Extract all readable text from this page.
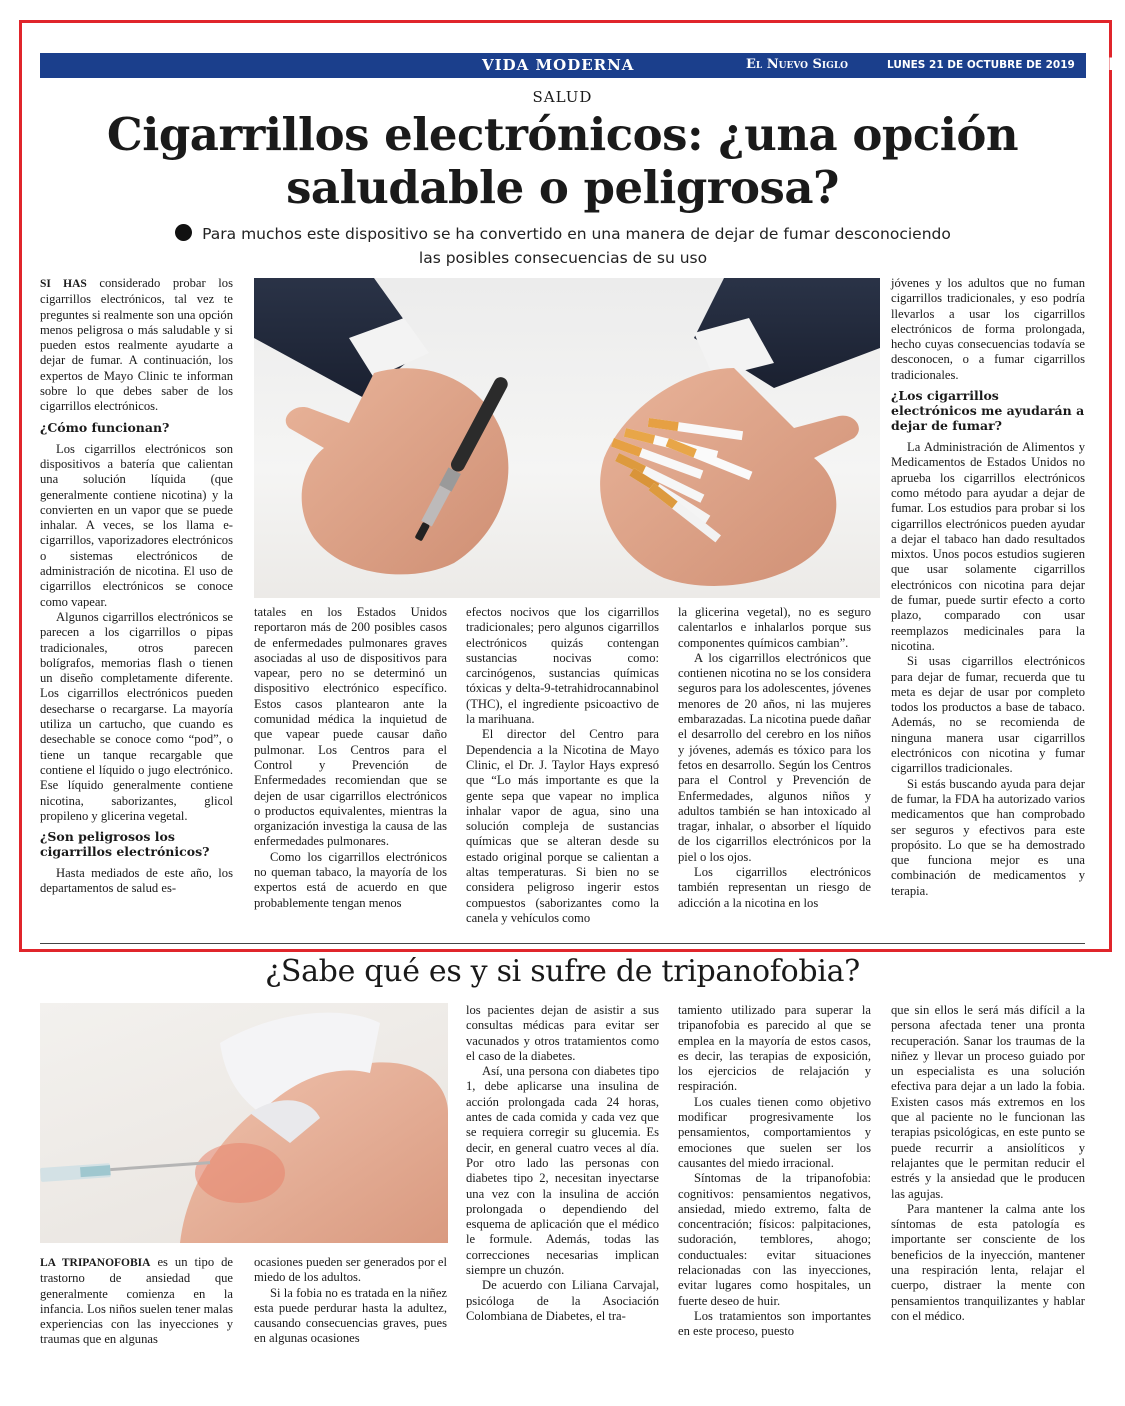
VIDA MODERNA	El Nuevo Siglo	LUNES 21 DE OCTUBRE DE 2019 5B
SALUD
Cigarrillos electrónicos: ¿una opción
saludable o peligrosa?
Para muchos este dispositivo se ha convertido en una manera de dejar de fumar desconociendo
las posibles consecuencias de su uso

SI HAS considerado probar los cigarrillos electrónicos, tal vez te preguntes si realmente son una opción menos peligrosa o más saludable y si pueden estos realmente ayudarte a dejar de fumar. A continuación, los expertos de Mayo Clinic te informan sobre lo que debes saber de los cigarrillos electrónicos.

¿Cómo funcionan?

Los cigarrillos electrónicos son dispositivos a batería que calientan una solución líquida (que generalmente contiene nicotina) y la convierten en un vapor que se puede inhalar. A veces, se los llama e-cigarrillos, vaporizadores electrónicos o sistemas electrónicos de administración de nicotina. El uso de cigarrillos electrónicos se conoce como vapear.

Algunos cigarrillos electrónicos se parecen a los cigarrillos o pipas tradicionales, otros parecen bolígrafos, memorias flash o tienen un diseño completamente diferente. Los cigarrillos electrónicos pueden desecharse o recargarse. La mayoría utiliza un cartucho, que cuando es desechable se conoce como “pod”, o tiene un tanque recargable que contiene el líquido o jugo electrónico. Ese líquido generalmente contiene nicotina, saborizantes, glicol propileno y glicerina vegetal.

¿Son peligrosos los cigarrillos electrónicos?

Hasta mediados de este año, los departamentos de salud es-

tatales en los Estados Unidos reportaron más de 200 posibles casos de enfermedades pulmonares graves asociadas al uso de dispositivos para vapear, pero no se determinó un dispositivo electrónico específico. Estos casos plantearon ante la comunidad médica la inquietud de que vapear puede causar daño pulmonar. Los Centros para el Control y Prevención de Enfermedades recomiendan que se dejen de usar cigarrillos electrónicos o productos equivalentes, mientras la organización investiga la causa de las enfermedades pulmonares.

Como los cigarrillos electrónicos no queman tabaco, la mayoría de los expertos está de acuerdo en que probablemente tengan menos

efectos nocivos que los cigarrillos tradicionales; pero algunos cigarrillos electrónicos quizás contengan sustancias nocivas como: carcinógenos, sustancias químicas tóxicas y delta-9-tetrahidrocannabinol (THC), el ingrediente psicoactivo de la marihuana.

El director del Centro para Dependencia a la Nicotina de Mayo Clinic, el Dr. J. Taylor Hays expresó que “Lo más importante es que la gente sepa que vapear no implica inhalar vapor de agua, sino una solución compleja de sustancias químicas que se alteran desde su estado original porque se calientan a altas temperaturas. Si bien no se considera peligroso ingerir estos compuestos (saborizantes como la canela y vehículos como

la glicerina vegetal), no es seguro calentarlos e inhalarlos porque sus componentes químicos cambian”.

A los cigarrillos electrónicos que contienen nicotina no se los considera seguros para los adolescentes, jóvenes menores de 20 años, ni las mujeres embarazadas. La nicotina puede dañar el desarrollo del cerebro en los niños y jóvenes, además es tóxico para los fetos en desarrollo. Según los Centros para el Control y Prevención de Enfermedades, algunos niños y adultos también se han intoxicado al tragar, inhalar, o absorber el líquido de los cigarrillos electrónicos por la piel o los ojos.

Los cigarrillos electrónicos también representan un riesgo de adicción a la nicotina en los

jóvenes y los adultos que no fuman cigarrillos tradicionales, y eso podría llevarlos a usar los cigarrillos electrónicos de forma prolongada, hecho cuyas consecuencias todavía se desconocen, o a fumar cigarrillos tradicionales.

¿Los cigarrillos electrónicos me ayudarán a dejar de fumar?

La Administración de Alimentos y Medicamentos de Estados Unidos no aprueba los cigarrillos electrónicos como método para ayudar a dejar de fumar. Los estudios para probar si los cigarrillos electrónicos pueden ayudar a dejar el tabaco han dado resultados mixtos. Unos pocos estudios sugieren que usar solamente cigarrillos electrónicos con nicotina para dejar de fumar, puede surtir efecto a corto plazo, comparado con usar reemplazos medicinales para la nicotina.

Si usas cigarrillos electrónicos para dejar de fumar, recuerda que tu meta es dejar de usar por completo todos los productos a base de tabaco. Además, no se recomienda de ninguna manera usar cigarrillos electrónicos con nicotina y fumar cigarrillos tradicionales.

Si estás buscando ayuda para dejar de fumar, la FDA ha autorizado varios medicamentos que han comprobado ser seguros y efectivos para este propósito. Lo que se ha demostrado que funciona mejor es una combinación de medicamentos y terapia.

¿Sabe qué es y si sufre de tripanofobia?

LA TRIPANOFOBIA es un tipo de trastorno de ansiedad que generalmente comienza en la infancia. Los niños suelen tener malas experiencias con las inyecciones y traumas que en algunas

ocasiones pueden ser generados por el miedo de los adultos.

Si la fobia no es tratada en la niñez esta puede perdurar hasta la adultez, causando consecuencias graves, pues en algunas ocasiones

los pacientes dejan de asistir a sus consultas médicas para evitar ser vacunados y otros tratamientos como el caso de la diabetes.

Así, una persona con diabetes tipo 1, debe aplicarse una insulina de acción prolongada cada 24 horas, antes de cada comida y cada vez que se requiera corregir su glucemia. Es decir, en general cuatro veces al día. Por otro lado las personas con diabetes tipo 2, necesitan inyectarse una vez con la insulina de acción prolongada o dependiendo del esquema de aplicación que el médico le formule. Además, todas las correcciones necesarias implican siempre un chuzón.

De acuerdo con Liliana Carvajal, psicóloga de la Asociación Colombiana de Diabetes, el tra-

tamiento utilizado para superar la tripanofobia es parecido al que se emplea en la mayoría de estos casos, es decir, las terapias de exposición, los ejercicios de relajación y respiración.

Los cuales tienen como objetivo modificar progresivamente los pensamientos, comportamientos y emociones que suelen ser los causantes del miedo irracional.

Síntomas de la tripanofobia: cognitivos: pensamientos negativos, ansiedad, miedo extremo, falta de concentración; físicos: palpitaciones, sudoración, temblores, ahogo; conductuales: evitar situaciones relacionadas con las inyecciones, evitar lugares como hospitales, un fuerte deseo de huir.

Los tratamientos son importantes en este proceso, puesto

que sin ellos le será más difícil a la persona afectada tener una pronta recuperación. Sanar los traumas de la niñez y llevar un proceso guiado por un especialista es una solución efectiva para dejar a un lado la fobia. Existen casos más extremos en los que al paciente no le funcionan las terapias psicológicas, en este punto se puede recurrir a ansiolíticos y relajantes que le permitan reducir el estrés y la ansiedad que le producen las agujas.

Para mantener la calma ante los síntomas de esta patología es importante ser consciente de los beneficios de la inyección, mantener una respiración lenta, relajar el cuerpo, distraer la mente con pensamientos tranquilizantes y hablar con el médico.
